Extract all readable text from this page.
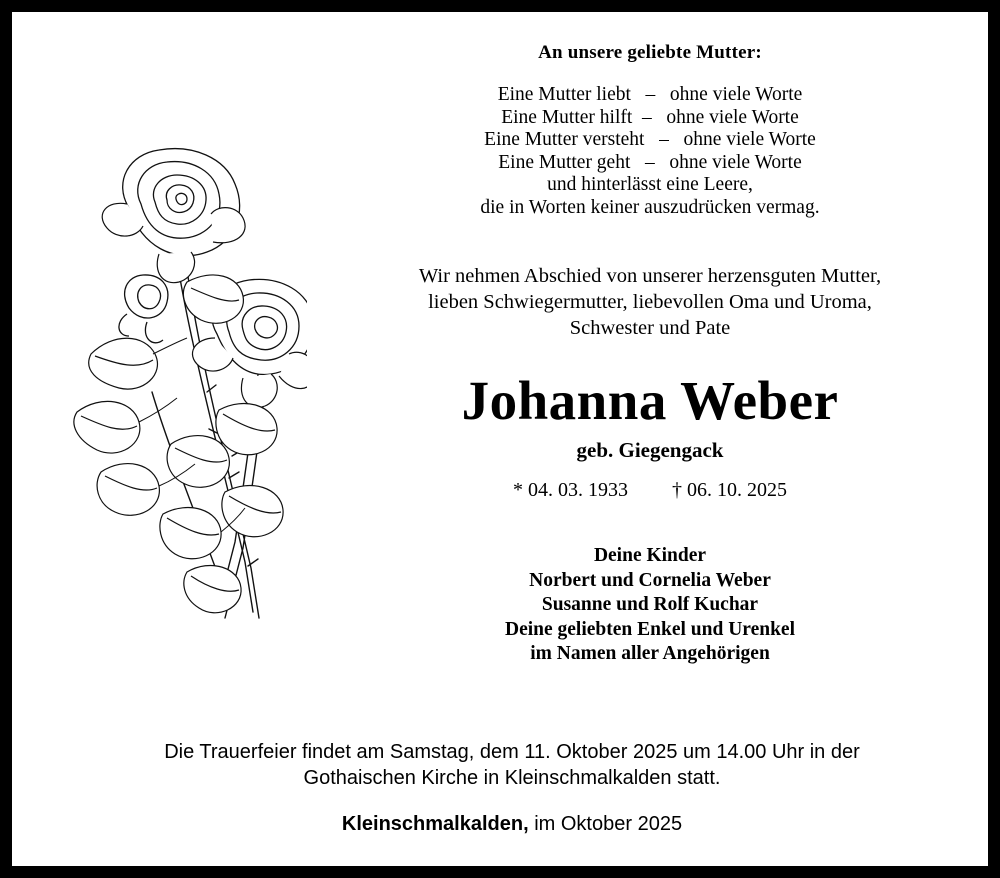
An unsere geliebte Mutter:
Eine Mutter liebt   –   ohne viele Worte
Eine Mutter hilft  –   ohne viele Worte
Eine Mutter versteht   –   ohne viele Worte
Eine Mutter geht   –   ohne viele Worte
und hinterlässt eine Leere,
die in Worten keiner auszudrücken vermag.
Wir nehmen Abschied von unserer herzensguten Mutter,
lieben Schwiegermutter, liebevollen Oma und Uroma,
Schwester und Pate
Johanna Weber
geb. Giegengack
* 04. 03. 1933 † 06. 10. 2025
Deine Kinder
Norbert und Cornelia Weber
Susanne und Rolf Kuchar
Deine geliebten Enkel und Urenkel
im Namen aller Angehörigen
Die Trauerfeier findet am Samstag, dem 11. Oktober 2025 um 14.00 Uhr in der
Gothaischen Kirche in Kleinschmalkalden statt.
Kleinschmalkalden, im Oktober 2025
